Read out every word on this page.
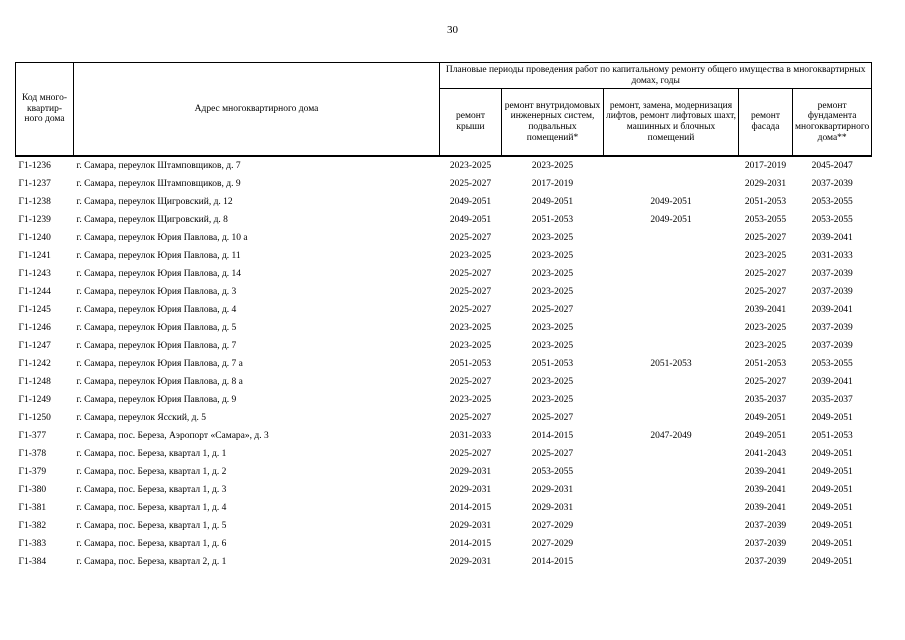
30
Код много-квартир-ного дома	Адрес многоквартирного дома	Плановые периоды проведения работ по капитальному ремонту общего имущества в многоквартирных домах, годы				
		ремонт крыши	ремонт внутридомовых инженерных систем, подвальных помещений*	ремонт, замена, модернизация лифтов, ремонт лифтовых шахт, машинных и блочных помещений	ремонт фасада	ремонт фундамента многоквартирного дома**
Г1-1236	г. Самара, переулок Штамповщиков, д. 7	2023-2025	2023-2025		2017-2019	2045-2047
Г1-1237	г. Самара, переулок Штамповщиков, д. 9	2025-2027	2017-2019		2029-2031	2037-2039
Г1-1238	г. Самара, переулок Щигровский, д. 12	2049-2051	2049-2051	2049-2051	2051-2053	2053-2055
Г1-1239	г. Самара, переулок Щигровский, д. 8	2049-2051	2051-2053	2049-2051	2053-2055	2053-2055
Г1-1240	г. Самара, переулок Юрия Павлова, д. 10 а	2025-2027	2023-2025		2025-2027	2039-2041
Г1-1241	г. Самара, переулок Юрия Павлова, д. 11	2023-2025	2023-2025		2023-2025	2031-2033
Г1-1243	г. Самара, переулок Юрия Павлова, д. 14	2025-2027	2023-2025		2025-2027	2037-2039
Г1-1244	г. Самара, переулок Юрия Павлова, д. 3	2025-2027	2023-2025		2025-2027	2037-2039
Г1-1245	г. Самара, переулок Юрия Павлова, д. 4	2025-2027	2025-2027		2039-2041	2039-2041
Г1-1246	г. Самара, переулок Юрия Павлова, д. 5	2023-2025	2023-2025		2023-2025	2037-2039
Г1-1247	г. Самара, переулок Юрия Павлова, д. 7	2023-2025	2023-2025		2023-2025	2037-2039
Г1-1242	г. Самара, переулок Юрия Павлова, д. 7 а	2051-2053	2051-2053	2051-2053	2051-2053	2053-2055
Г1-1248	г. Самара, переулок Юрия Павлова, д. 8 а	2025-2027	2023-2025		2025-2027	2039-2041
Г1-1249	г. Самара, переулок Юрия Павлова, д. 9	2023-2025	2023-2025		2035-2037	2035-2037
Г1-1250	г. Самара, переулок Ясский, д. 5	2025-2027	2025-2027		2049-2051	2049-2051
Г1-377	г. Самара, пос. Береза, Аэропорт «Самара», д. 3	2031-2033	2014-2015	2047-2049	2049-2051	2051-2053
Г1-378	г. Самара, пос. Береза, квартал 1, д. 1	2025-2027	2025-2027		2041-2043	2049-2051
Г1-379	г. Самара, пос. Береза, квартал 1, д. 2	2029-2031	2053-2055		2039-2041	2049-2051
Г1-380	г. Самара, пос. Береза, квартал 1, д. 3	2029-2031	2029-2031		2039-2041	2049-2051
Г1-381	г. Самара, пос. Береза, квартал 1, д. 4	2014-2015	2029-2031		2039-2041	2049-2051
Г1-382	г. Самара, пос. Береза, квартал 1, д. 5	2029-2031	2027-2029		2037-2039	2049-2051
Г1-383	г. Самара, пос. Береза, квартал 1, д. 6	2014-2015	2027-2029		2037-2039	2049-2051
Г1-384	г. Самара, пос. Береза, квартал 2, д. 1	2029-2031	2014-2015		2037-2039	2049-2051
